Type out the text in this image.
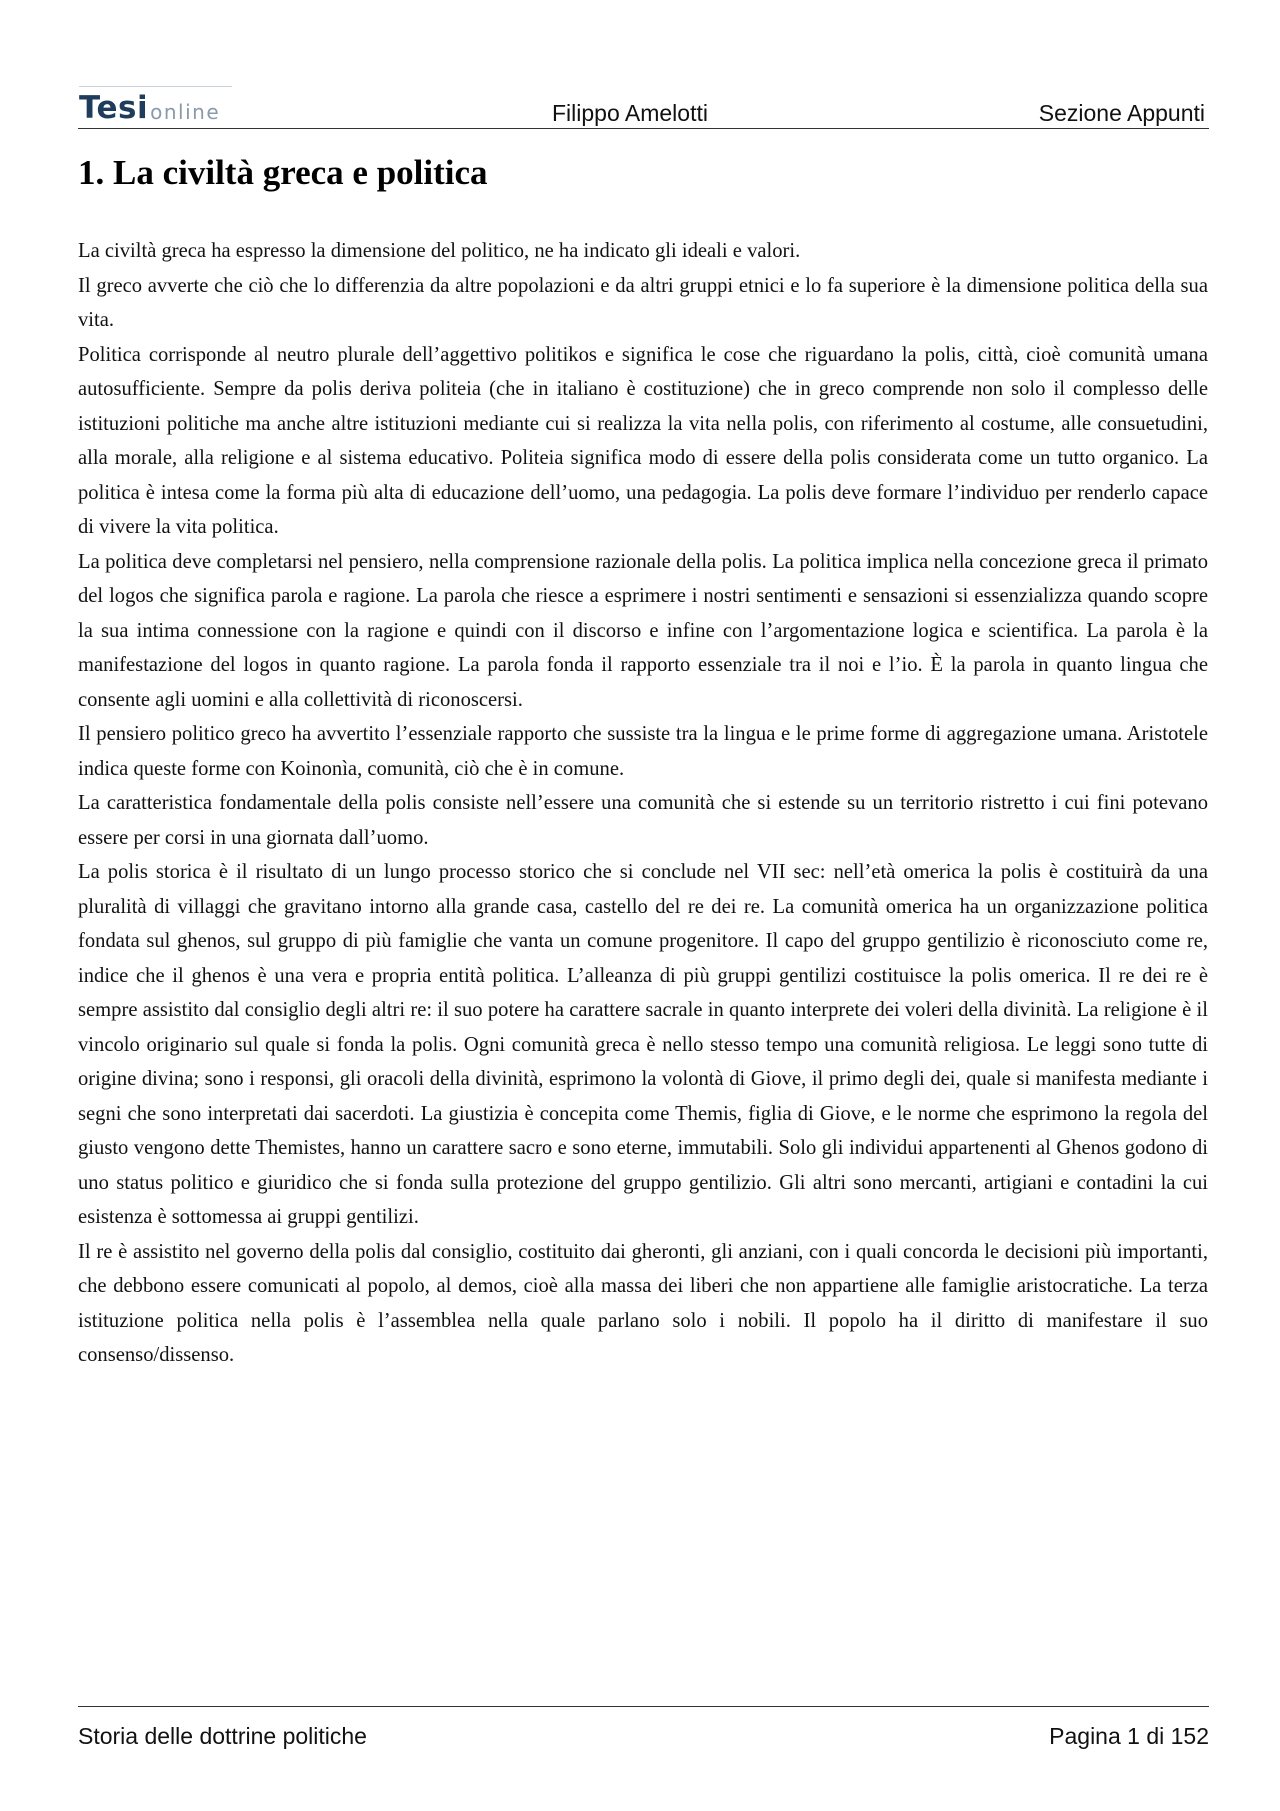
Tesi online	Filippo Amelotti	Sezione Appunti
1. La civiltà greca e politica

La civiltà greca ha espresso la dimensione del politico, ne ha indicato gli ideali e valori.

Il greco avverte che ciò che lo differenzia da altre popolazioni e da altri gruppi etnici e lo fa superiore è la dimensione politica della sua vita.

Politica corrisponde al neutro plurale dell’aggettivo politikos e significa le cose che riguardano la polis, città, cioè comunità umana autosufficiente. Sempre da polis deriva politeia (che in italiano è costituzione) che in greco comprende non solo il complesso delle istituzioni politiche ma anche altre istituzioni mediante cui si realizza la vita nella polis, con riferimento al costume, alle consuetudini, alla morale, alla religione e al sistema educativo. Politeia significa modo di essere della polis considerata come un tutto organico. La politica è intesa come la forma più alta di educazione dell’uomo, una pedagogia. La polis deve formare l’individuo per renderlo capace di vivere la vita politica.

La politica deve completarsi nel pensiero, nella comprensione razionale della polis. La politica implica nella concezione greca il primato del logos che significa parola e ragione. La parola che riesce a esprimere i nostri sentimenti e sensazioni si essenzializza quando scopre la sua intima connessione con la ragione e quindi con il discorso e infine con l’argomentazione logica e scientifica. La parola è la manifestazione del logos in quanto ragione. La parola fonda il rapporto essenziale tra il noi e l’io. È la parola in quanto lingua che consente agli uomini e alla collettività di riconoscersi.

Il pensiero politico greco ha avvertito l’essenziale rapporto che sussiste tra la lingua e le prime forme di aggregazione umana. Aristotele indica queste forme con Koinonìa, comunità, ciò che è in comune.

La caratteristica fondamentale della polis consiste nell’essere una comunità che si estende su un territorio ristretto i cui fini potevano essere per corsi in una giornata dall’uomo.

La polis storica è il risultato di un lungo processo storico che si conclude nel VII sec: nell’età omerica la polis è costituirà da una pluralità di villaggi che gravitano intorno alla grande casa, castello del re dei re. La comunità omerica ha un organizzazione politica fondata sul ghenos, sul gruppo di più famiglie che vanta un comune progenitore. Il capo del gruppo gentilizio è riconosciuto come re, indice che il ghenos è una vera e propria entità politica. L’alleanza di più gruppi gentilizi costituisce la polis omerica. Il re dei re è sempre assistito dal consiglio degli altri re: il suo potere ha carattere sacrale in quanto interprete dei voleri della divinità. La religione è il vincolo originario sul quale si fonda la polis. Ogni comunità greca è nello stesso tempo una comunità religiosa. Le leggi sono tutte di origine divina; sono i responsi, gli oracoli della divinità, esprimono la volontà di Giove, il primo degli dei, quale si manifesta mediante i segni che sono interpretati dai sacerdoti. La giustizia è concepita come Themis, figlia di Giove, e le norme che esprimono la regola del giusto vengono dette Themistes, hanno un carattere sacro e sono eterne, immutabili. Solo gli individui appartenenti al Ghenos godono di uno status politico e giuridico che si fonda sulla protezione del gruppo gentilizio. Gli altri sono mercanti, artigiani e contadini la cui esistenza è sottomessa ai gruppi gentilizi.

Il re è assistito nel governo della polis dal consiglio, costituito dai gheronti, gli anziani, con i quali concorda le decisioni più importanti, che debbono essere comunicati al popolo, al demos, cioè alla massa dei liberi che non appartiene alle famiglie aristocratiche. La terza istituzione politica nella polis è l’assemblea nella quale parlano solo i nobili. Il popolo ha il diritto di manifestare il suo consenso/dissenso.

Storia delle dottrine politiche	Pagina 1 di 152
